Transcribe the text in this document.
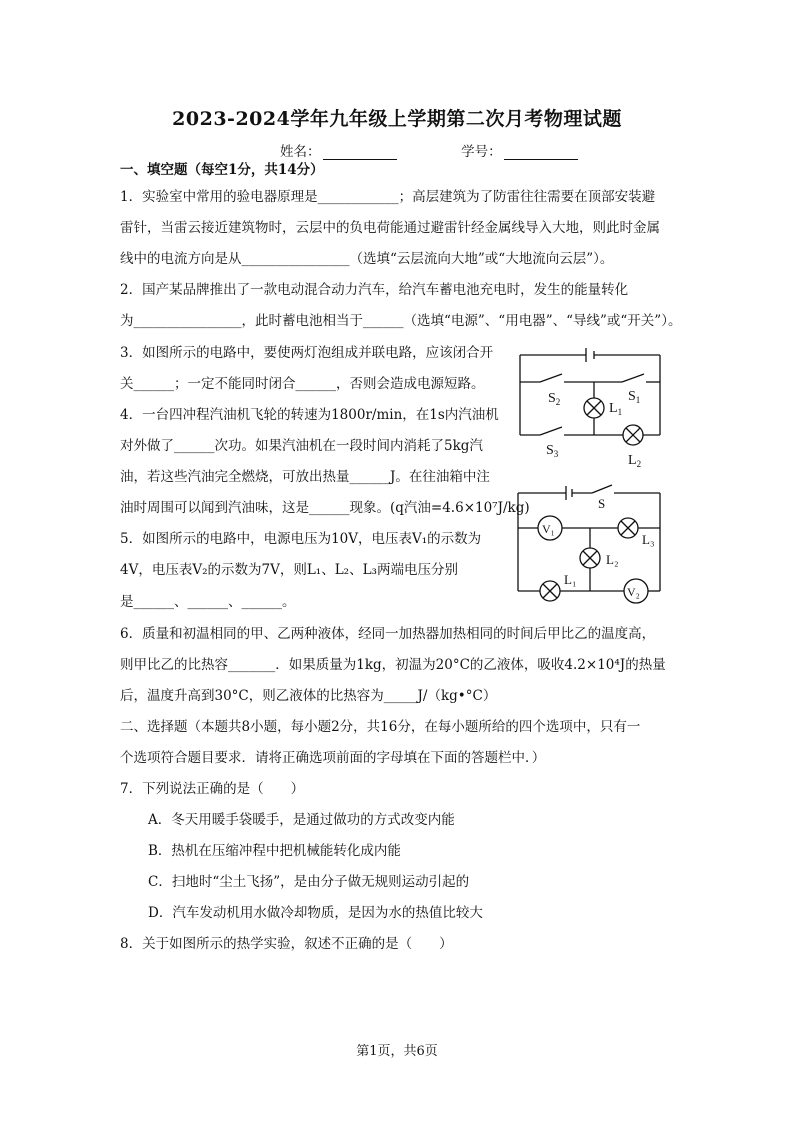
2023-2024学年九年级上学期第二次月考物理试题
姓名：	学号：
一、填空题（每空1分，共14分）
1．实验室中常用的验电器原理是____________；高层建筑为了防雷往往需要在顶部安装避
雷针，当雷云接近建筑物时，云层中的负电荷能通过避雷针经金属线导入大地，则此时金属
线中的电流方向是从________________（选填“云层流向大地”或“大地流向云层”）。
2．国产某品牌推出了一款电动混合动力汽车，给汽车蓄电池充电时，发生的能量转化
为________________，此时蓄电池相当于______（选填“电源”、“用电器”、“导线”或“开关”）。
3．如图所示的电路中，要使两灯泡组成并联电路，应该闭合开
关______；一定不能同时闭合______，否则会造成电源短路。
4．一台四冲程汽油机飞轮的转速为1800r/min，在1s内汽油机
对外做了______次功。如果汽油机在一段时间内消耗了5kg汽
油，若这些汽油完全燃烧，可放出热量______J。在往油箱中注
油时周围可以闻到汽油味，这是______现象。(q汽油=4.6×10⁷J/kg)
5．如图所示的电路中，电源电压为10V，电压表V₁的示数为
4V，电压表V₂的示数为7V，则L₁、L₂、L₃两端电压分别
是______、______、______。
6．质量和初温相同的甲、乙两种液体，经同一加热器加热相同的时间后甲比乙的温度高，
则甲比乙的比热容_______．如果质量为1kg，初温为20°C的乙液体，吸收4.2×10⁴J的热量
后，温度升高到30°C，则乙液体的比热容为_____J/（kg•°C）
二、选择题（本题共8小题，每小题2分，共16分，在每小题所给的四个选项中，只有一
个选项符合题目要求．请将正确选项前面的字母填在下面的答题栏中．）
7．下列说法正确的是（　　）
A．冬天用暖手袋暖手，是通过做功的方式改变内能
B．热机在压缩冲程中把机械能转化成内能
C．扫地时“尘土飞扬”，是由分子做无规则运动引起的
D．汽车发动机用水做冷却物质，是因为水的热值比较大
8．关于如图所示的热学实验，叙述不正确的是（　　）
$S_2$	$S_1$
$L_1$
$S_3$	$L_2$
S
V₁
L₃
L₂
L₁
V₂
第1页，共6页
